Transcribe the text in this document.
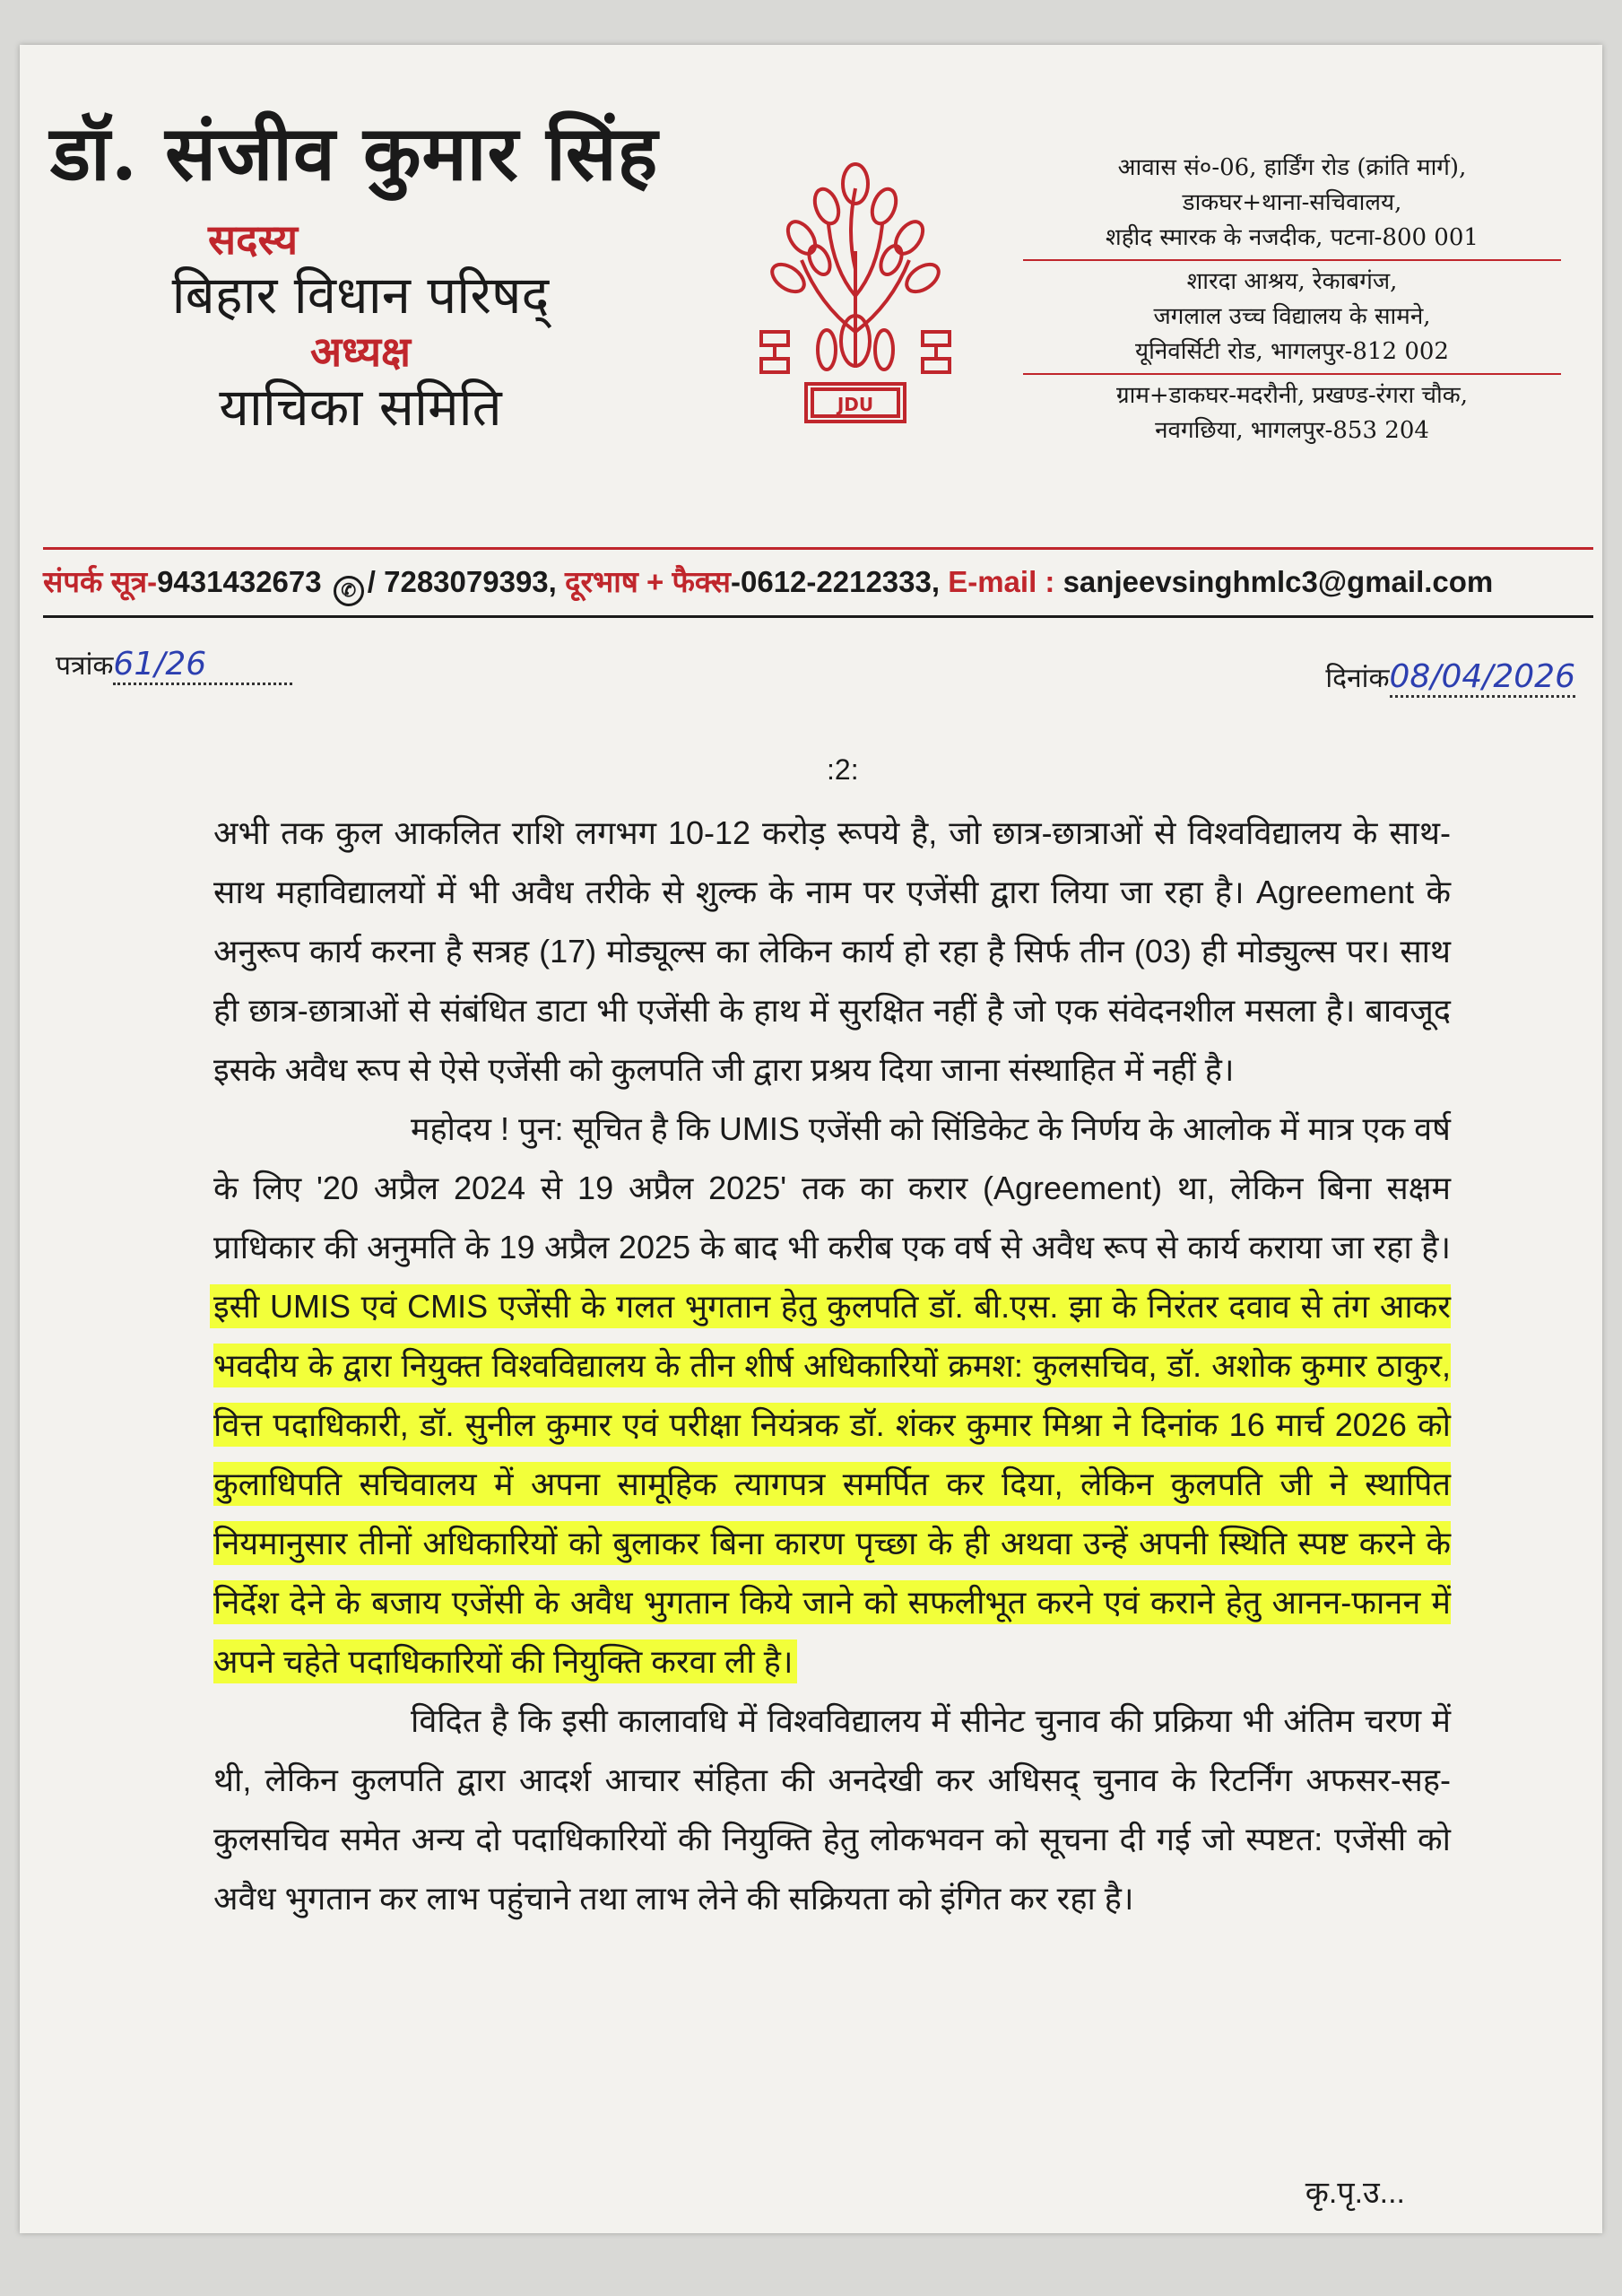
डॉ. संजीव कुमार सिंह
सदस्य
बिहार विधान परिषद्
अध्यक्ष
याचिका समिति	JDU
आवास सं०-06, हार्डिंग रोड (क्रांति मार्ग),
डाकघर+थाना-सचिवालय,
शहीद स्मारक के नजदीक, पटना-800 001
शारदा आश्रय, रेकाबगंज,
जगलाल उच्च विद्यालय के सामने,
यूनिवर्सिटी रोड, भागलपुर-812 002
ग्राम+डाकघर-मदरौनी, प्रखण्ड-रंगरा चौक,
नवगछिया, भागलपुर-853 204
संपर्क सूत्र-9431432673 ✆ / 7283079393, दूरभाष + फैक्स-0612-2212333, E-mail : sanjeevsinghmlc3@gmail.com
पत्रांक61/26	दिनांक08/04/2026
:2:

अभी तक कुल आकलित राशि लगभग 10-12 करोड़ रूपये है, जो छात्र-छात्राओं से विश्वविद्यालय के साथ-साथ महाविद्यालयों में भी अवैध तरीके से शुल्क के नाम पर एजेंसी द्वारा लिया जा रहा है। Agreement के अनुरूप कार्य करना है सत्रह (17) मोड्यूल्स का लेकिन कार्य हो रहा है सिर्फ तीन (03) ही मोड्युल्स पर। साथ ही छात्र-छात्राओं से संबंधित डाटा भी एजेंसी के हाथ में सुरक्षित नहीं है जो एक संवेदनशील मसला है। बावजूद इसके अवैध रूप से ऐसे एजेंसी को कुलपति जी द्वारा प्रश्रय दिया जाना संस्थाहित में नहीं है।

महोदय ! पुन: सूचित है कि UMIS एजेंसी को सिंडिकेट के निर्णय के आलोक में मात्र एक वर्ष के लिए '20 अप्रैल 2024 से 19 अप्रैल 2025' तक का करार (Agreement) था, लेकिन बिना सक्षम प्राधिकार की अनुमति के 19 अप्रैल 2025 के बाद भी करीब एक वर्ष से अवैध रूप से कार्य कराया जा रहा है। इसी UMIS एवं CMIS एजेंसी के गलत भुगतान हेतु कुलपति डॉ. बी.एस. झा के निरंतर दवाव से तंग आकर भवदीय के द्वारा नियुक्त विश्वविद्यालय के तीन शीर्ष अधिकारियों क्रमश: कुलसचिव, डॉ. अशोक कुमार ठाकुर, वित्त पदाधिकारी, डॉ. सुनील कुमार एवं परीक्षा नियंत्रक डॉ. शंकर कुमार मिश्रा ने दिनांक 16 मार्च 2026 को कुलाधिपति सचिवालय में अपना सामूहिक त्यागपत्र समर्पित कर दिया, लेकिन कुलपति जी ने स्थापित नियमानुसार तीनों अधिकारियों को बुलाकर बिना कारण पृच्छा के ही अथवा उन्हें अपनी स्थिति स्पष्ट करने के निर्देश देने के बजाय एजेंसी के अवैध भुगतान किये जाने को सफलीभूत करने एवं कराने हेतु आनन-फानन में अपने चहेते पदाधिकारियों की नियुक्ति करवा ली है।

विदित है कि इसी कालावधि में विश्वविद्यालय में सीनेट चुनाव की प्रक्रिया भी अंतिम चरण में थी, लेकिन कुलपति द्वारा आदर्श आचार संहिता की अनदेखी कर अधिसद् चुनाव के रिटर्निंग अफसर-सह-कुलसचिव समेत अन्य दो पदाधिकारियों की नियुक्ति हेतु लोकभवन को सूचना दी गई जो स्पष्टत: एजेंसी को अवैध भुगतान कर लाभ पहुंचाने तथा लाभ लेने की सक्रियता को इंगित कर रहा है।

कृ.पृ.उ...
